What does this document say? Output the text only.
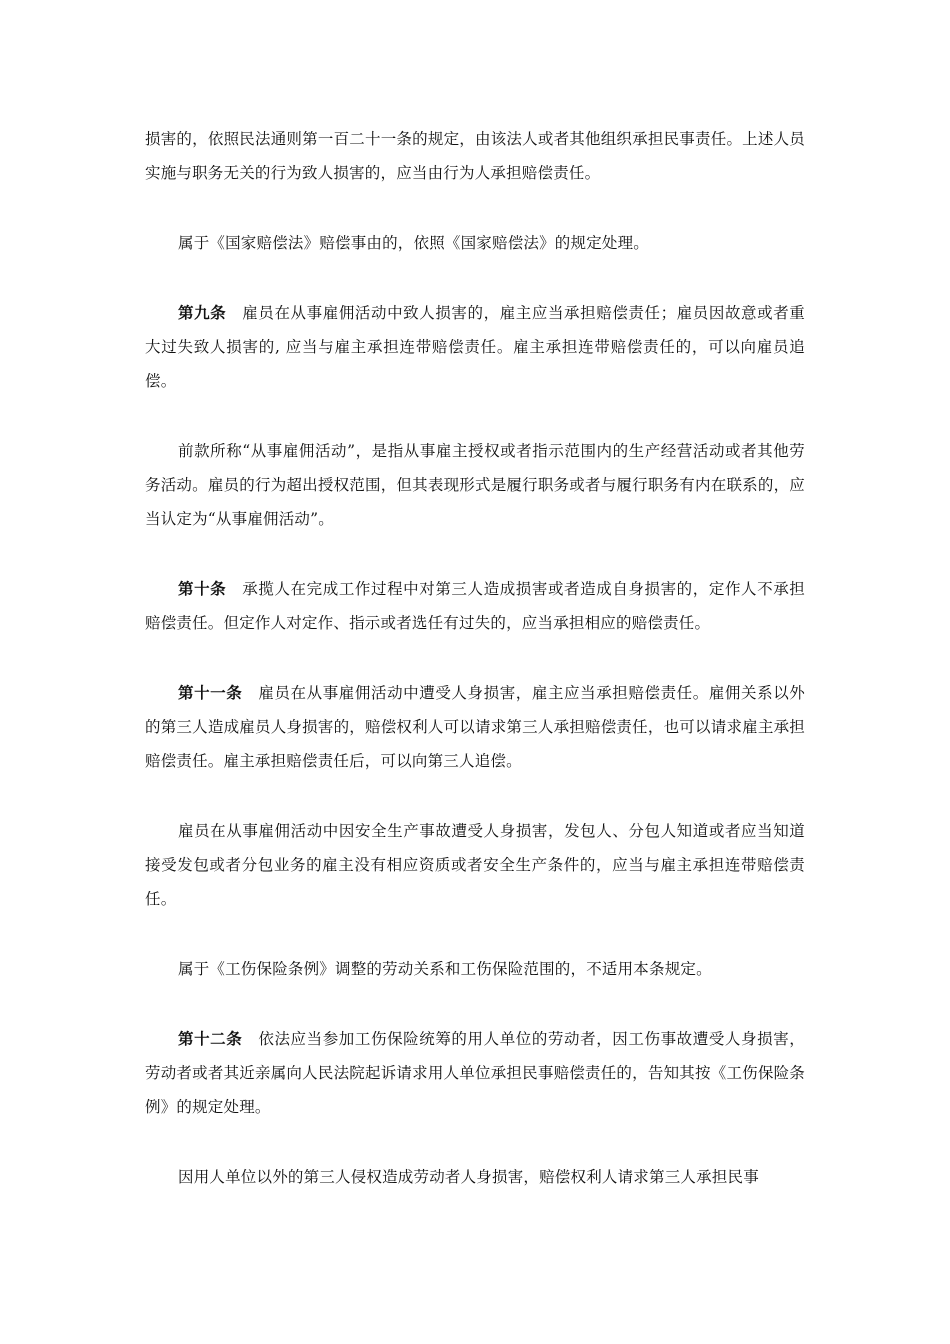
损害的，依照民法通则第一百二十一条的规定，由该法人或者其他组织承担民事责任。上述人员实施与职务无关的行为致人损害的，应当由行为人承担赔偿责任。

属于《国家赔偿法》赔偿事由的，依照《国家赔偿法》的规定处理。

第九条 雇员在从事雇佣活动中致人损害的，雇主应当承担赔偿责任；雇员因故意或者重大过失致人损害的, 应当与雇主承担连带赔偿责任。雇主承担连带赔偿责任的，可以向雇员追偿。

前款所称“从事雇佣活动”，是指从事雇主授权或者指示范围内的生产经营活动或者其他劳务活动。雇员的行为超出授权范围，但其表现形式是履行职务或者与履行职务有内在联系的，应当认定为“从事雇佣活动”。

第十条 承揽人在完成工作过程中对第三人造成损害或者造成自身损害的，定作人不承担赔偿责任。但定作人对定作、指示或者选任有过失的，应当承担相应的赔偿责任。

第十一条 雇员在从事雇佣活动中遭受人身损害，雇主应当承担赔偿责任。雇佣关系以外的第三人造成雇员人身损害的，赔偿权利人可以请求第三人承担赔偿责任，也可以请求雇主承担赔偿责任。雇主承担赔偿责任后，可以向第三人追偿。

雇员在从事雇佣活动中因安全生产事故遭受人身损害，发包人、分包人知道或者应当知道接受发包或者分包业务的雇主没有相应资质或者安全生产条件的，应当与雇主承担连带赔偿责任。

属于《工伤保险条例》调整的劳动关系和工伤保险范围的，不适用本条规定。

第十二条 依法应当参加工伤保险统筹的用人单位的劳动者，因工伤事故遭受人身损害，劳动者或者其近亲属向人民法院起诉请求用人单位承担民事赔偿责任的，告知其按《工伤保险条例》的规定处理。

因用人单位以外的第三人侵权造成劳动者人身损害，赔偿权利人请求第三人承担民事
